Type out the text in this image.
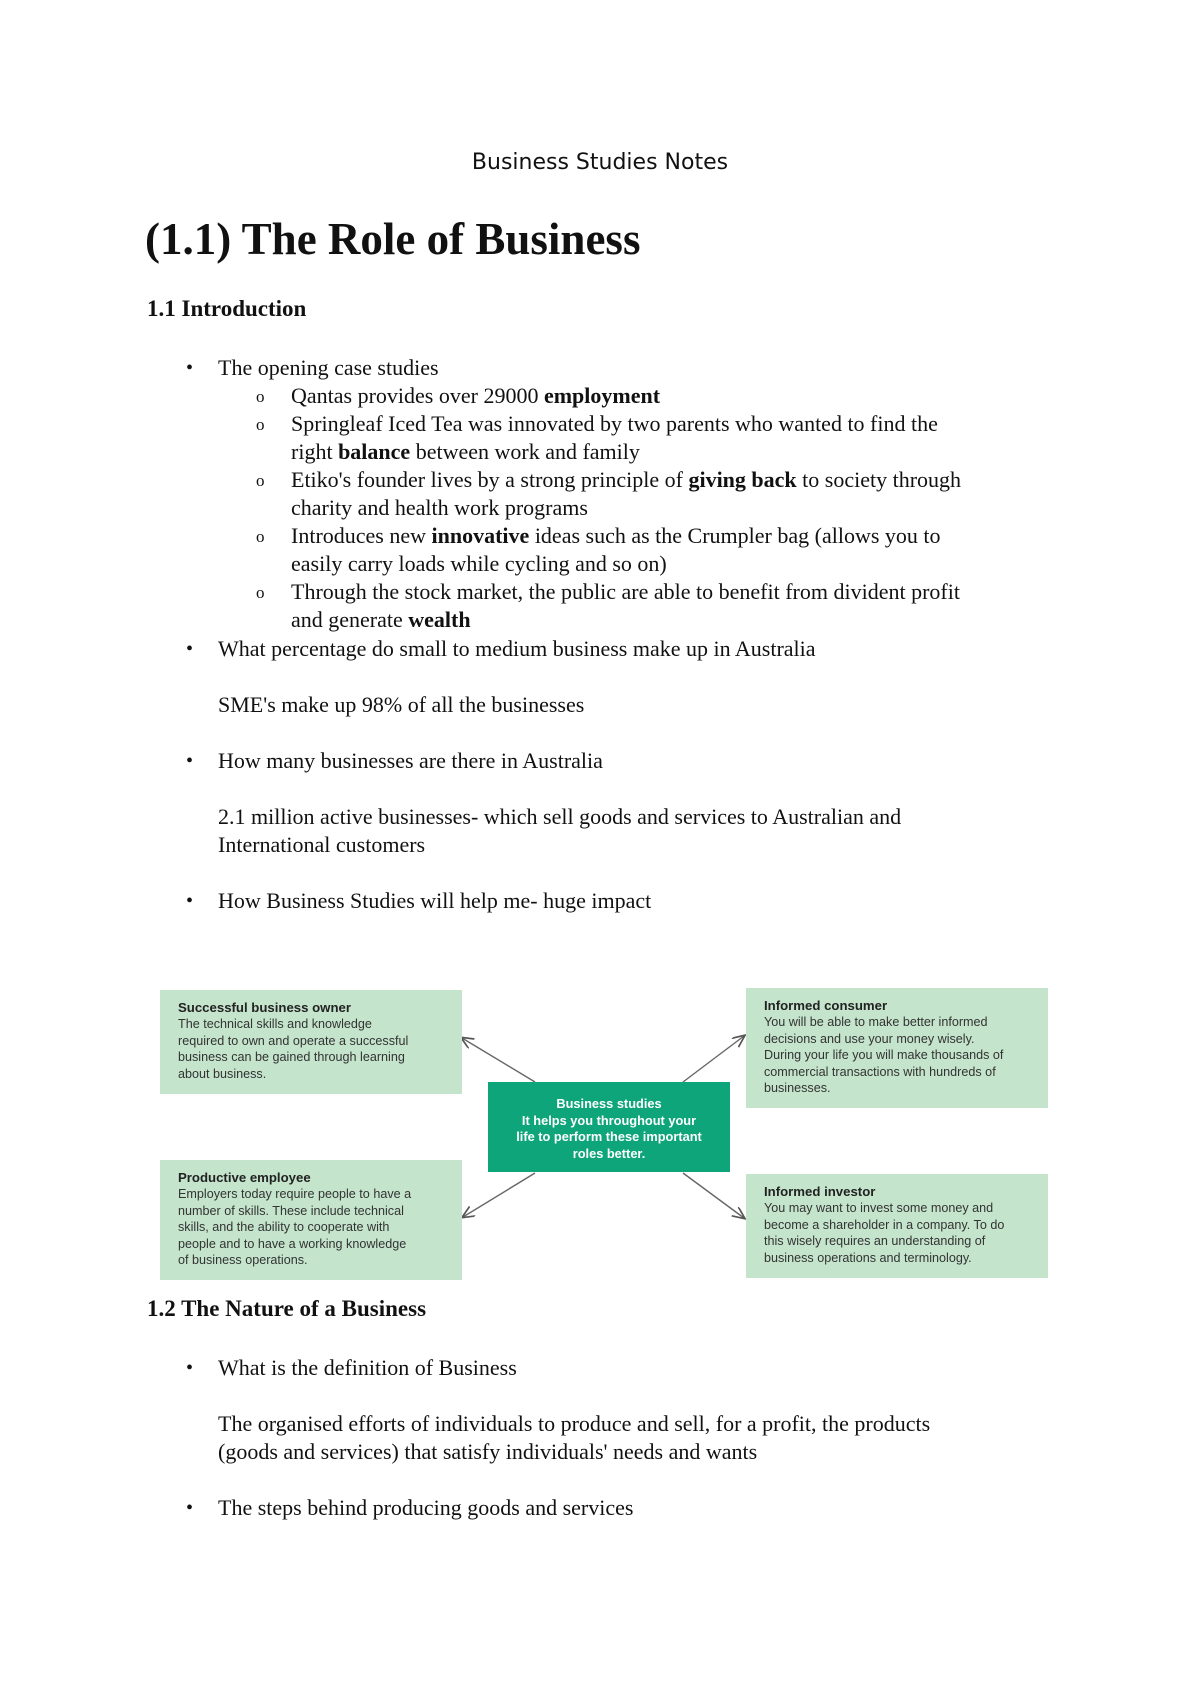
Business Studies Notes
(1.1) The Role of Business
1.1 Introduction
• The opening case studies
o Qantas provides over 29000 employment
o Springleaf Iced Tea was innovated by two parents who wanted to find the
right balance between work and family
o Etiko's founder lives by a strong principle of giving back to society through
charity and health work programs
o Introduces new innovative ideas such as the Crumpler bag (allows you to
easily carry loads while cycling and so on)
o Through the stock market, the public are able to benefit from divident profit
and generate wealth
• What percentage do small to medium business make up in Australia
SME's make up 98% of all the businesses
• How many businesses are there in Australia
2.1 million active businesses- which sell goods and services to Australian and
International customers
• How Business Studies will help me- huge impact
Successful business owner
The technical skills and knowledge
required to own and operate a successful
business can be gained through learning
about business.
Informed consumer
You will be able to make better informed
decisions and use your money wisely.
During your life you will make thousands of
commercial transactions with hundreds of
businesses.
Business studies
It helps you throughout your
life to perform these important
roles better.
Productive employee
Employers today require people to have a
number of skills. These include technical
skills, and the ability to cooperate with
people and to have a working knowledge
of business operations.
Informed investor
You may want to invest some money and
become a shareholder in a company. To do
this wisely requires an understanding of
business operations and terminology.
1.2 The Nature of a Business
• What is the definition of Business
The organised efforts of individuals to produce and sell, for a profit, the products
(goods and services) that satisfy individuals' needs and wants
• The steps behind producing goods and services
